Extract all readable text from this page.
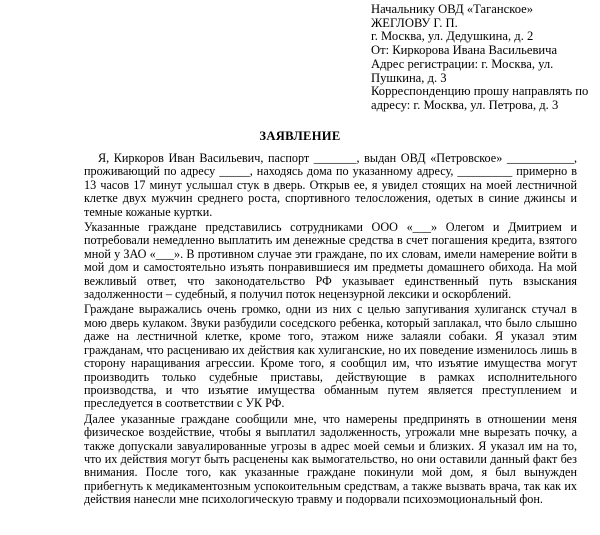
Начальнику ОВД «Таганское»
ЖЕГЛОВУ Г. П.
г. Москва, ул. Дедушкина, д. 2
От: Киркорова Ивана Васильевича
Адрес регистрации: г. Москва, ул. Пушкина, д. 3
Корреспонденцию прошу направлять по адресу: г. Москва, ул. Петрова, д. 3
ЗАЯВЛЕНИЕ

Я, Киркоров Иван Васильевич, паспорт _______, выдан ОВД «Петровское» ___________, проживающий по адресу _____, находясь дома по указанному адресу, _________ примерно в 13 часов 17 минут услышал стук в дверь. Открыв ее, я увидел стоящих на моей лестничной клетке двух мужчин среднего роста, спортивного телосложения, одетых в синие джинсы и темные кожаные куртки.

Указанные граждане представились сотрудниками ООО «___» Олегом и Дмитрием и потребовали немедленно выплатить им денежные средства в счет погашения кредита, взятого мной у ЗАО «___». В противном случае эти граждане, по их словам, имели намерение войти в мой дом и самостоятельно изъять понравившиеся им предметы домашнего обихода. На мой вежливый ответ, что законодательство РФ указывает единственный путь взыскания задолженности – судебный, я получил поток нецензурной лексики и оскорблений.

Граждане выражались очень громко, одни из них с целью запугивания хулиганск стучал в мою дверь кулаком. Звуки разбудили соседского ребенка, который заплакал, что было слышно даже на лестничной клетке, кроме того, этажом ниже залаяли собаки. Я указал этим гражданам, что расцениваю их действия как хулиганские, но их поведение изменилось лишь в сторону наращивания агрессии. Кроме того, я сообщил им, что изъятие имущества могут производить только судебные приставы, действующие в рамках исполнительного производства, и что изъятие имущества обманным путем является преступлением и преследуется в соответствии с УК РФ.

Далее указанные граждане сообщили мне, что намерены предпринять в отношении меня физическое воздействие, чтобы я выплатил задолженность, угрожали мне вырезать почку, а также допускали завуалированные угрозы в адрес моей семьи и близких. Я указал им на то, что их действия могут быть расценены как вымогательство, но они оставили данный факт без внимания. После того, как указанные граждане покинули мой дом, я был вынужден прибегнуть к медикаментозным успокоительным средствам, а также вызвать врача, так как их действия нанесли мне психологическую травму и подорвали психоэмоциональный фон.
